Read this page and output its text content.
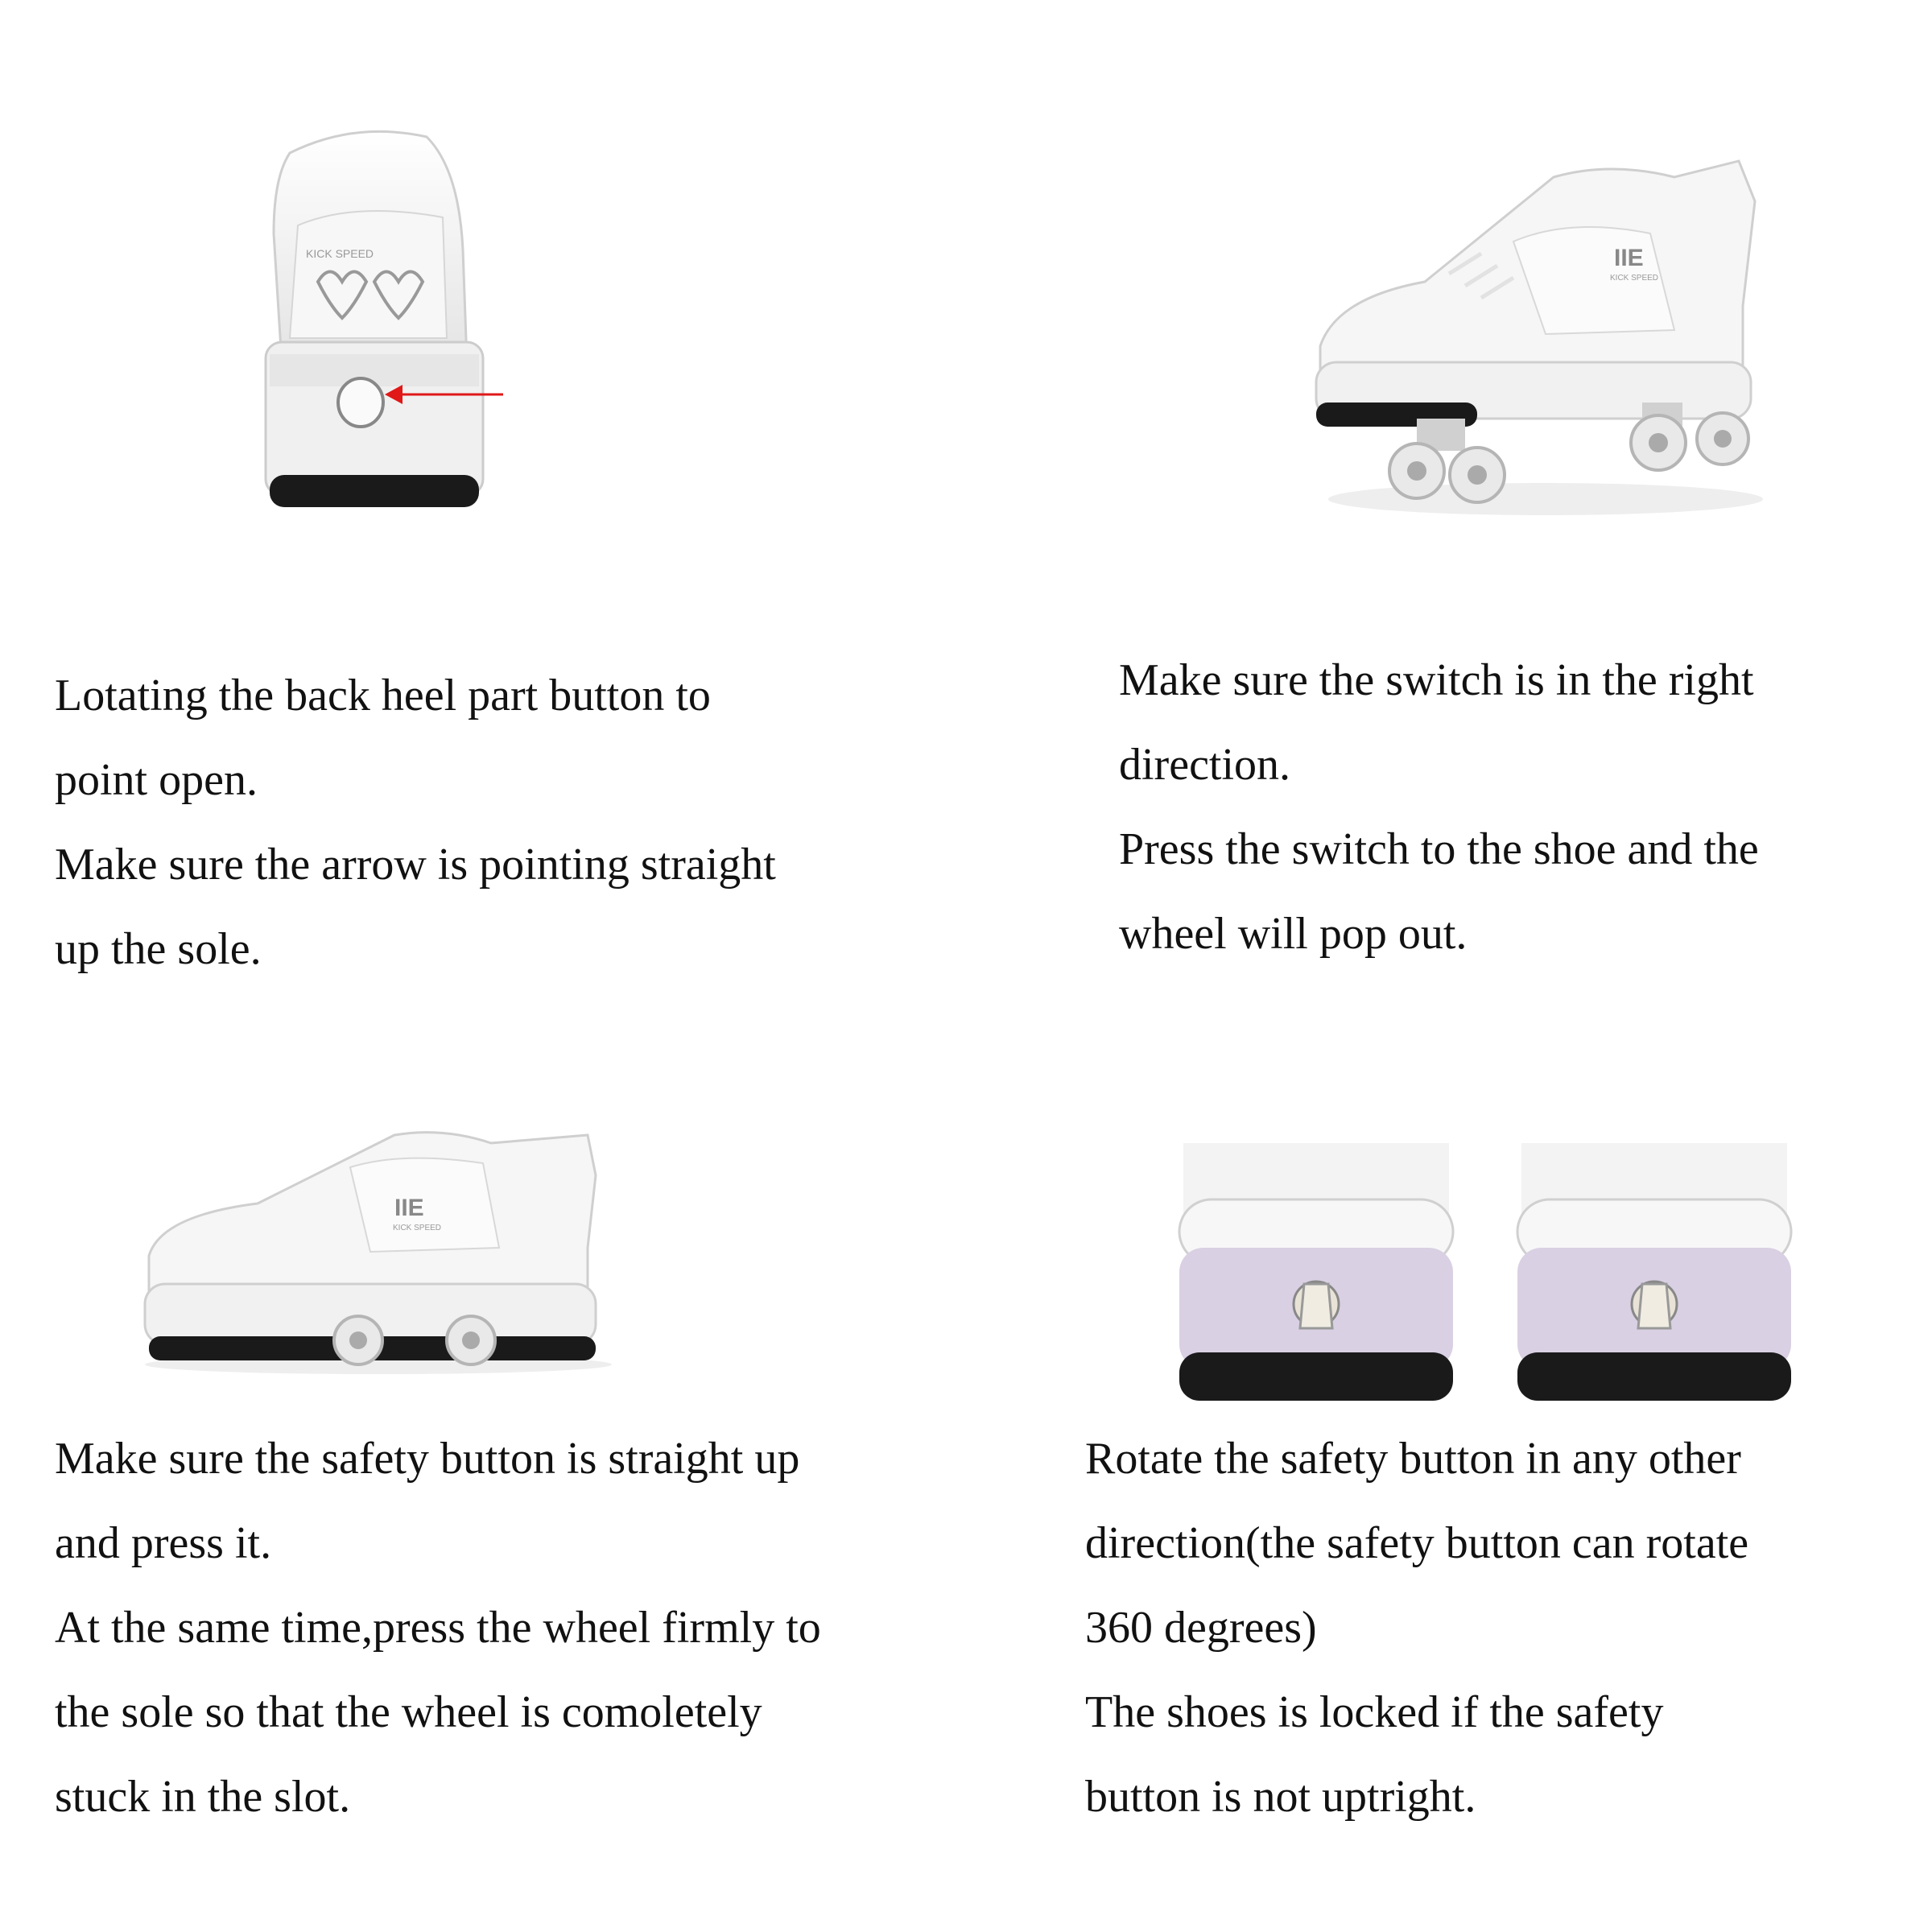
KICK SPEED	IIE
KICK SPEED
IIE
KICK SPEED

Lotating the back heel part button to

point open.

Make sure the arrow is pointing straight

up the sole.

Make sure the switch is in the right

direction.

Press the switch to the shoe and the

wheel will pop out.

Make sure the safety button is straight up

and press it.

At the same time,press the wheel firmly to

the sole so that the wheel is comoletely

stuck in the slot.

Rotate the safety button in any other

direction(the safety button can rotate

360 degrees)

The shoes is locked if the safety

button is not uptright.
